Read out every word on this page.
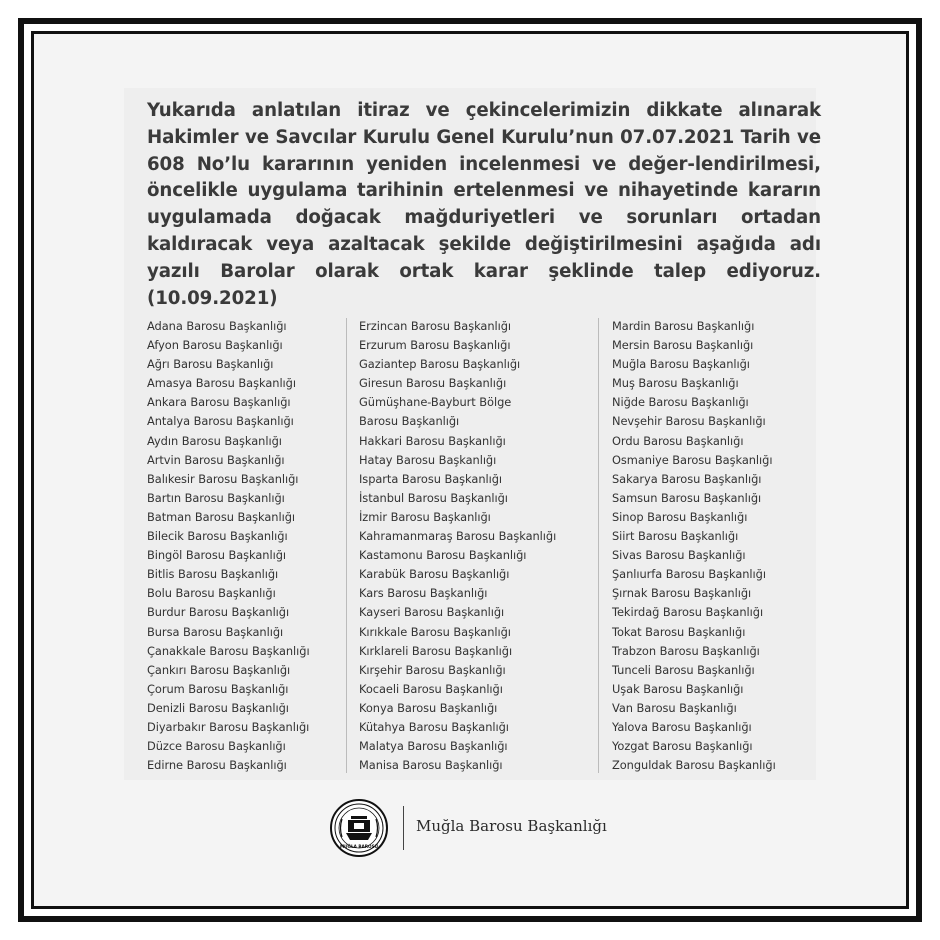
Yukarıda anlatılan itiraz ve çekincelerimizin dikkate alınarak Hakimler ve Savcılar Kurulu Genel Kurulu’nun 07.07.2021 Tarih ve 608 No’lu kararının yeniden incelenmesi ve değer-lendirilmesi, öncelikle uygulama tarihinin ertelenmesi ve nihayetinde kararın uygulamada doğacak mağduriyetleri ve sorunları ortadan kaldıracak veya azaltacak şekilde değiştirilmesini aşağıda adı yazılı Barolar olarak ortak karar şeklinde talep ediyoruz. (10.09.2021)
Adana Barosu Başkanlığı
Afyon Barosu Başkanlığı
Ağrı Barosu Başkanlığı
Amasya Barosu Başkanlığı
Ankara Barosu Başkanlığı
Antalya Barosu Başkanlığı
Aydın Barosu Başkanlığı
Artvin Barosu Başkanlığı
Balıkesir Barosu Başkanlığı
Bartın Barosu Başkanlığı
Batman Barosu Başkanlığı
Bilecik Barosu Başkanlığı
Bingöl Barosu Başkanlığı
Bitlis Barosu Başkanlığı
Bolu Barosu Başkanlığı
Burdur Barosu Başkanlığı
Bursa Barosu Başkanlığı
Çanakkale Barosu Başkanlığı
Çankırı Barosu Başkanlığı
Çorum Barosu Başkanlığı
Denizli Barosu Başkanlığı
Diyarbakır Barosu Başkanlığı
Düzce Barosu Başkanlığı
Edirne Barosu Başkanlığı
Erzincan Barosu Başkanlığı
Erzurum Barosu Başkanlığı
Gaziantep Barosu Başkanlığı
Giresun Barosu Başkanlığı
Gümüşhane-Bayburt Bölge
Barosu Başkanlığı
Hakkari Barosu Başkanlığı
Hatay Barosu Başkanlığı
Isparta Barosu Başkanlığı
İstanbul Barosu Başkanlığı
İzmir Barosu Başkanlığı
Kahramanmaraş Barosu Başkanlığı
Kastamonu Barosu Başkanlığı
Karabük Barosu Başkanlığı
Kars Barosu Başkanlığı
Kayseri Barosu Başkanlığı
Kırıkkale Barosu Başkanlığı
Kırklareli Barosu Başkanlığı
Kırşehir Barosu Başkanlığı
Kocaeli Barosu Başkanlığı
Konya Barosu Başkanlığı
Kütahya Barosu Başkanlığı
Malatya Barosu Başkanlığı
Manisa Barosu Başkanlığı
Mardin Barosu Başkanlığı
Mersin Barosu Başkanlığı
Muğla Barosu Başkanlığı
Muş Barosu Başkanlığı
Niğde Barosu Başkanlığı
Nevşehir Barosu Başkanlığı
Ordu Barosu Başkanlığı
Osmaniye Barosu Başkanlığı
Sakarya Barosu Başkanlığı
Samsun Barosu Başkanlığı
Sinop Barosu Başkanlığı
Siirt Barosu Başkanlığı
Sivas Barosu Başkanlığı
Şanlıurfa Barosu Başkanlığı
Şırnak Barosu Başkanlığı
Tekirdağ Barosu Başkanlığı
Tokat Barosu Başkanlığı
Trabzon Barosu Başkanlığı
Tunceli Barosu Başkanlığı
Uşak Barosu Başkanlığı
Van Barosu Başkanlığı
Yalova Barosu Başkanlığı
Yozgat Barosu Başkanlığı
Zonguldak Barosu Başkanlığı
MUĞLA BAROSU
Muğla Barosu Başkanlığı
